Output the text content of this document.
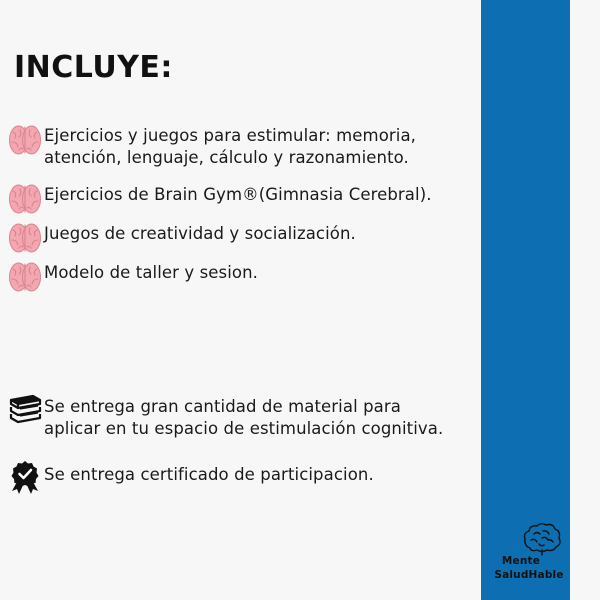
INCLUYE:
Ejercicios y juegos para estimular: memoria,
atención, lenguaje, cálculo y razonamiento.
Ejercicios de Brain Gym®(Gimnasia Cerebral).
Juegos de creatividad y socialización.
Modelo de taller y sesion.
Se entrega gran cantidad de material para
aplicar en tu espacio de estimulación cognitiva.
Se entrega certificado de participacion.
Mente
SaludHable
